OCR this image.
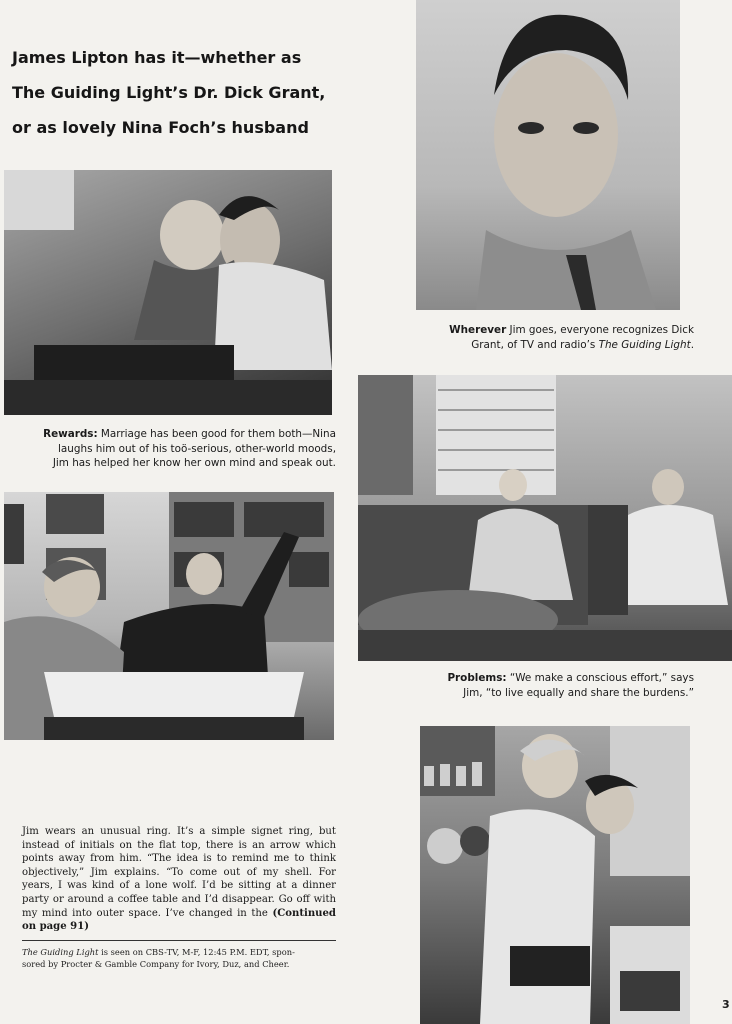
James Lipton has it—whether as
The Guiding Light’s Dr. Dick Grant,
or as lovely Nina Foch’s husband

Wherever Jim goes, everyone recognizes Dick
Grant, of TV and radio’s The Guiding Light.

Rewards: Marriage has been good for them both—Nina
laughs him out of his toö-serious, other-world moods,
Jim has helped her know her own mind and speak out.

Problems: “We make a conscious effort,” says
Jim, “to live equally and share the burdens.”

Jim wears an unusual ring. It’s a simple signet ring, but instead of initials on the flat top, there is an arrow which points away from him. “The idea is to remind me to think objectively,” Jim explains. “To come out of my shell. For years, I was kind of a lone wolf. I’d be sitting at a dinner party or around a coffee table and I’d disappear. Go off with my mind into outer space. I’ve changed in the (Continued on page 91)

The Guiding Light is seen on CBS-TV, M-F, 12:45 P.M. EDT, spon-
sored by Procter & Gamble Company for Ivory, Duz, and Cheer.

3
